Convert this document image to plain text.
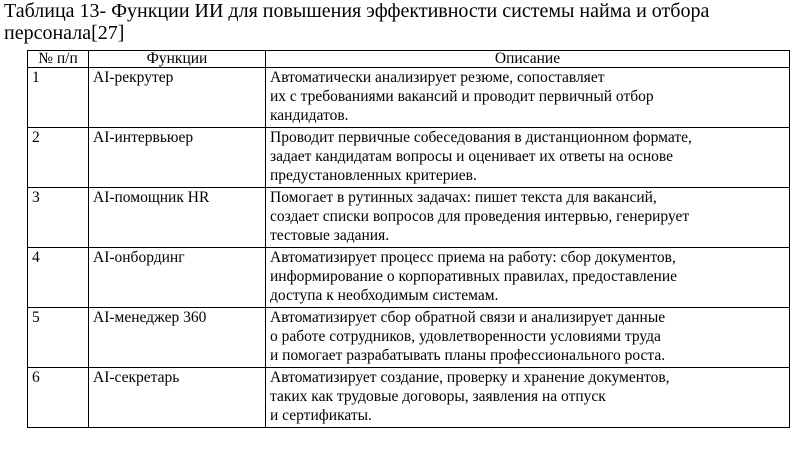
Таблица 13- Функции ИИ для повышения эффективности системы найма и отбора
персонала[27]
№ п/п	Функции	Описание
1	AI-рекрутер	Автоматически анализирует резюме, сопоставляет
их с требованиями вакансий и проводит первичный отбор
кандидатов.

2	AI-интервьюер	Проводит первичные собеседования в дистанционном формате,
задает кандидатам вопросы и оценивает их ответы на основе
предустановленных критериев.

3	AI-помощник HR	Помогает в рутинных задачах: пишет текста для вакансий,
создает списки вопросов для проведения интервью, генерирует
тестовые задания.

4	AI-онбординг	Автоматизирует процесс приема на работу: сбор документов,
информирование о корпоративных правилах, предоставление
доступа к необходимым системам.

5	AI-менеджер 360	Автоматизирует сбор обратной связи и анализирует данные
о работе сотрудников, удовлетворенности условиями труда
и помогает разрабатывать планы профессионального роста.

6	AI-секретарь	Автоматизирует создание, проверку и хранение документов,
таких как трудовые договоры, заявления на отпуск
и сертификаты.
